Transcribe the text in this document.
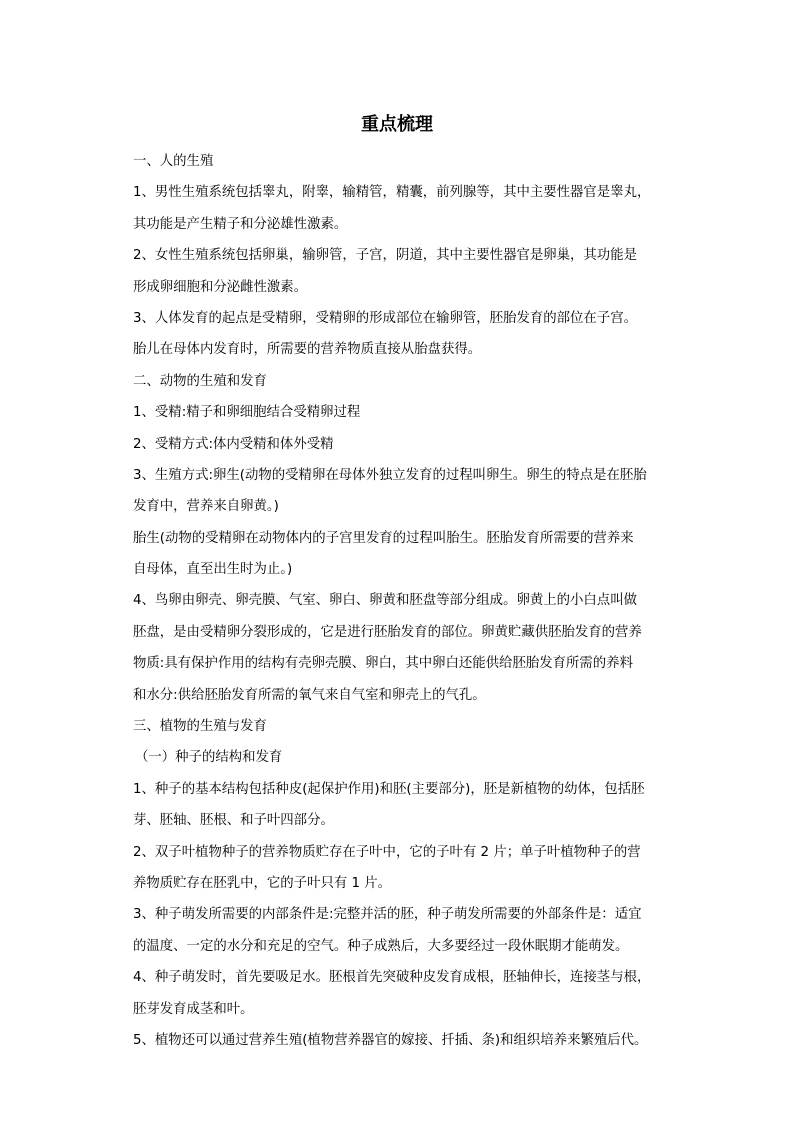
重点梳理
一、人的生殖
1、男性生殖系统包括睾丸，附睾，输精管，精囊，前列腺等，其中主要性器官是睾丸，
其功能是产生精子和分泌雄性激素。
2、女性生殖系统包括卵巢，输卵管，子宫，阴道，其中主要性器官是卵巢，其功能是
形成卵细胞和分泌雌性激素。
3、人体发育的起点是受精卵，受精卵的形成部位在输卵管，胚胎发育的部位在子宫。
胎儿在母体内发育时，所需要的营养物质直接从胎盘获得。
二、动物的生殖和发育
1、受精:精子和卵细胞结合受精卵过程
2、受精方式:体内受精和体外受精
3、生殖方式:卵生(动物的受精卵在母体外独立发育的过程叫卵生。卵生的特点是在胚胎
发育中，营养来自卵黄。)
胎生(动物的受精卵在动物体内的子宫里发育的过程叫胎生。胚胎发育所需要的营养来
自母体，直至出生时为止。)
4、鸟卵由卵壳、卵壳膜、气室、卵白、卵黄和胚盘等部分组成。卵黄上的小白点叫做
胚盘，是由受精卵分裂形成的，它是进行胚胎发育的部位。卵黄贮藏供胚胎发育的营养
物质:具有保护作用的结构有壳卵壳膜、卵白，其中卵白还能供给胚胎发育所需的养料
和水分:供给胚胎发育所需的氧气来自气室和卵壳上的气孔。
三、植物的生殖与发育
（一）种子的结构和发育
1、种子的基本结构包括种皮(起保护作用)和胚(主要部分)，胚是新植物的幼体，包括胚
芽、胚轴、胚根、和子叶四部分。
2、双子叶植物种子的营养物质贮存在子叶中，它的子叶有 2 片；单子叶植物种子的营
养物质贮存在胚乳中，它的子叶只有 1 片。
3、种子萌发所需要的内部条件是:完整并活的胚，种子萌发所需要的外部条件是：适宜
的温度、一定的水分和充足的空气。种子成熟后，大多要经过一段休眠期才能萌发。
4、种子萌发时，首先要吸足水。胚根首先突破种皮发育成根，胚轴伸长，连接茎与根，
胚芽发育成茎和叶。
5、植物还可以通过营养生殖(植物营养器官的嫁接、扦插、条)和组织培养来繁殖后代。
